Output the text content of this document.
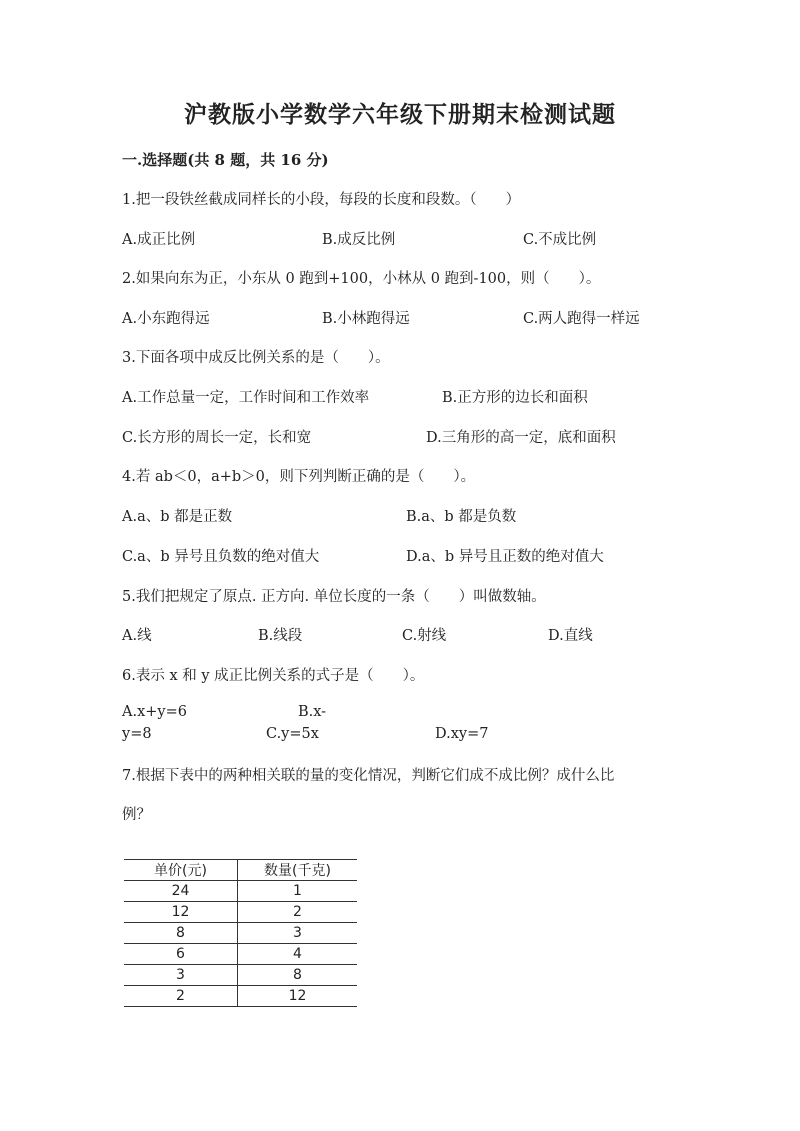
沪教版小学数学六年级下册期末检测试题
一.选择题(共 8 题，共 16 分)
1.把一段铁丝截成同样长的小段，每段的长度和段数。（　　）
A.成正比例	B.成反比例	C.不成比例
2.如果向东为正，小东从 0 跑到+100，小林从 0 跑到-100，则（　　）。
A.小东跑得远	B.小林跑得远	C.两人跑得一样远
3.下面各项中成反比例关系的是（　　）。
A.工作总量一定，工作时间和工作效率	B.正方形的边长和面积
C.长方形的周长一定，长和宽	D.三角形的高一定，底和面积
4.若 ab＜0，a+b＞0，则下列判断正确的是（　　）。
A.a、b 都是正数	B.a、b 都是负数
C.a、b 异号且负数的绝对值大	D.a、b 异号且正数的绝对值大
5.我们把规定了原点. 正方向. 单位长度的一条（　　）叫做数轴。
A.线	B.线段	C.射线	D.直线
6.表示 x 和 y 成正比例关系的式子是（　　）。
A.x+y=6	B.x-
y=8	C.y=5x	D.xy=7
7.根据下表中的两种相关联的量的变化情况，判断它们成不成比例？成什么比
例？
单价(元)	数量(千克)
24	1
12	2
8	3
6	4
3	8
2	12
